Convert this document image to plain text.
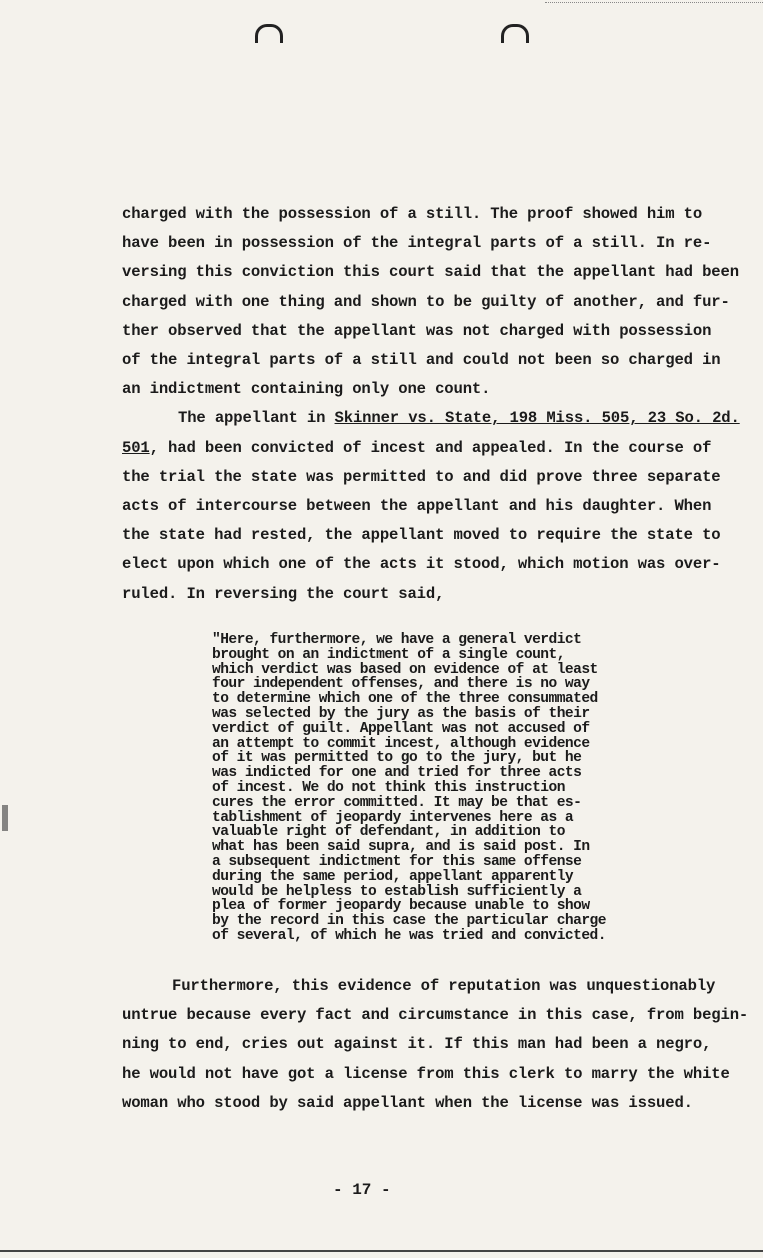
charged with the possession of a still. The proof showed him to
have been in possession of the integral parts of a still. In re-
versing this conviction this court said that the appellant had been
charged with one thing and shown to be guilty of another, and fur-
ther observed that the appellant was not charged with possession
of the integral parts of a still and could not been so charged in
an indictment containing only one count.
The appellant in Skinner vs. State, 198 Miss. 505, 23 So. 2d.
501, had been convicted of incest and appealed. In the course of
the trial the state was permitted to and did prove three separate
acts of intercourse between the appellant and his daughter. When
the state had rested, the appellant moved to require the state to
elect upon which one of the acts it stood, which motion was over-
ruled. In reversing the court said,
"Here, furthermore, we have a general verdict
brought on an indictment of a single count,
which verdict was based on evidence of at least
four independent offenses, and there is no way
to determine which one of the three consummated
was selected by the jury as the basis of their
verdict of guilt. Appellant was not accused of
an attempt to commit incest, although evidence
of it was permitted to go to the jury, but he
was indicted for one and tried for three acts
of incest. We do not think this instruction
cures the error committed. It may be that es-
tablishment of jeopardy intervenes here as a
valuable right of defendant, in addition to
what has been said supra, and is said post. In
a subsequent indictment for this same offense
during the same period, appellant apparently
would be helpless to establish sufficiently a
plea of former jeopardy because unable to show
by the record in this case the particular charge
of several, of which he was tried and convicted.
Furthermore, this evidence of reputation was unquestionably
untrue because every fact and circumstance in this case, from begin-
ning to end, cries out against it. If this man had been a negro,
he would not have got a license from this clerk to marry the white
woman who stood by said appellant when the license was issued.
- 17 -
